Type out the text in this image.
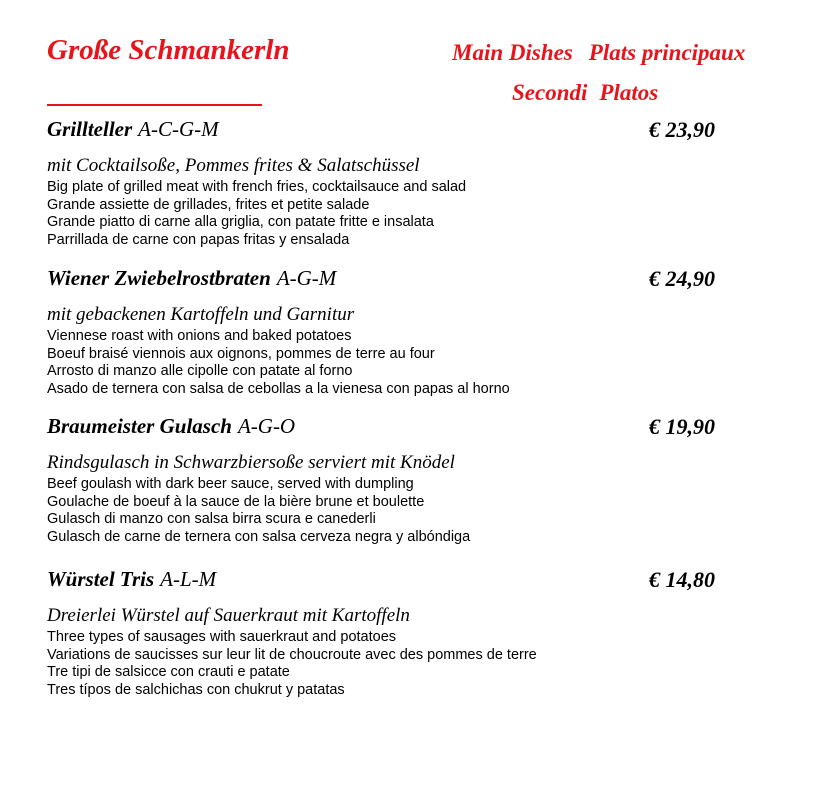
Große Schmankerln	Main Dishes Plats principaux
Secondi Platos
Grillteller A-C-G-M	€ 23,90
mit Cocktailsoße, Pommes frites & Salatschüssel
Big plate of grilled meat with french fries, cocktailsauce and salad
Grande assiette de grillades, frites et petite salade
Grande piatto di carne alla griglia, con patate fritte e insalata
Parrillada de carne con papas fritas y ensalada
Wiener Zwiebelrostbraten A-G-M	€ 24,90
mit gebackenen Kartoffeln und Garnitur
Viennese roast with onions and baked potatoes
Boeuf braisé viennois aux oignons, pommes de terre au four
Arrosto di manzo alle cipolle con patate al forno
Asado de ternera con salsa de cebollas a la vienesa con papas al horno
Braumeister Gulasch A-G-O	€ 19,90
Rindsgulasch in Schwarzbiersoße serviert mit Knödel
Beef goulash with dark beer sauce, served with dumpling
Goulache de boeuf à la sauce de la bière brune et boulette
Gulasch di manzo con salsa birra scura e canederli
Gulasch de carne de ternera con salsa cerveza negra y albóndiga
Würstel Tris A-L-M	€ 14,80
Dreierlei Würstel auf Sauerkraut mit Kartoffeln
Three types of sausages with sauerkraut and potatoes
Variations de saucisses sur leur lit de choucroute avec des pommes de terre
Tre tipi de salsicce con crauti e patate
Tres típos de salchichas con chukrut y patatas
